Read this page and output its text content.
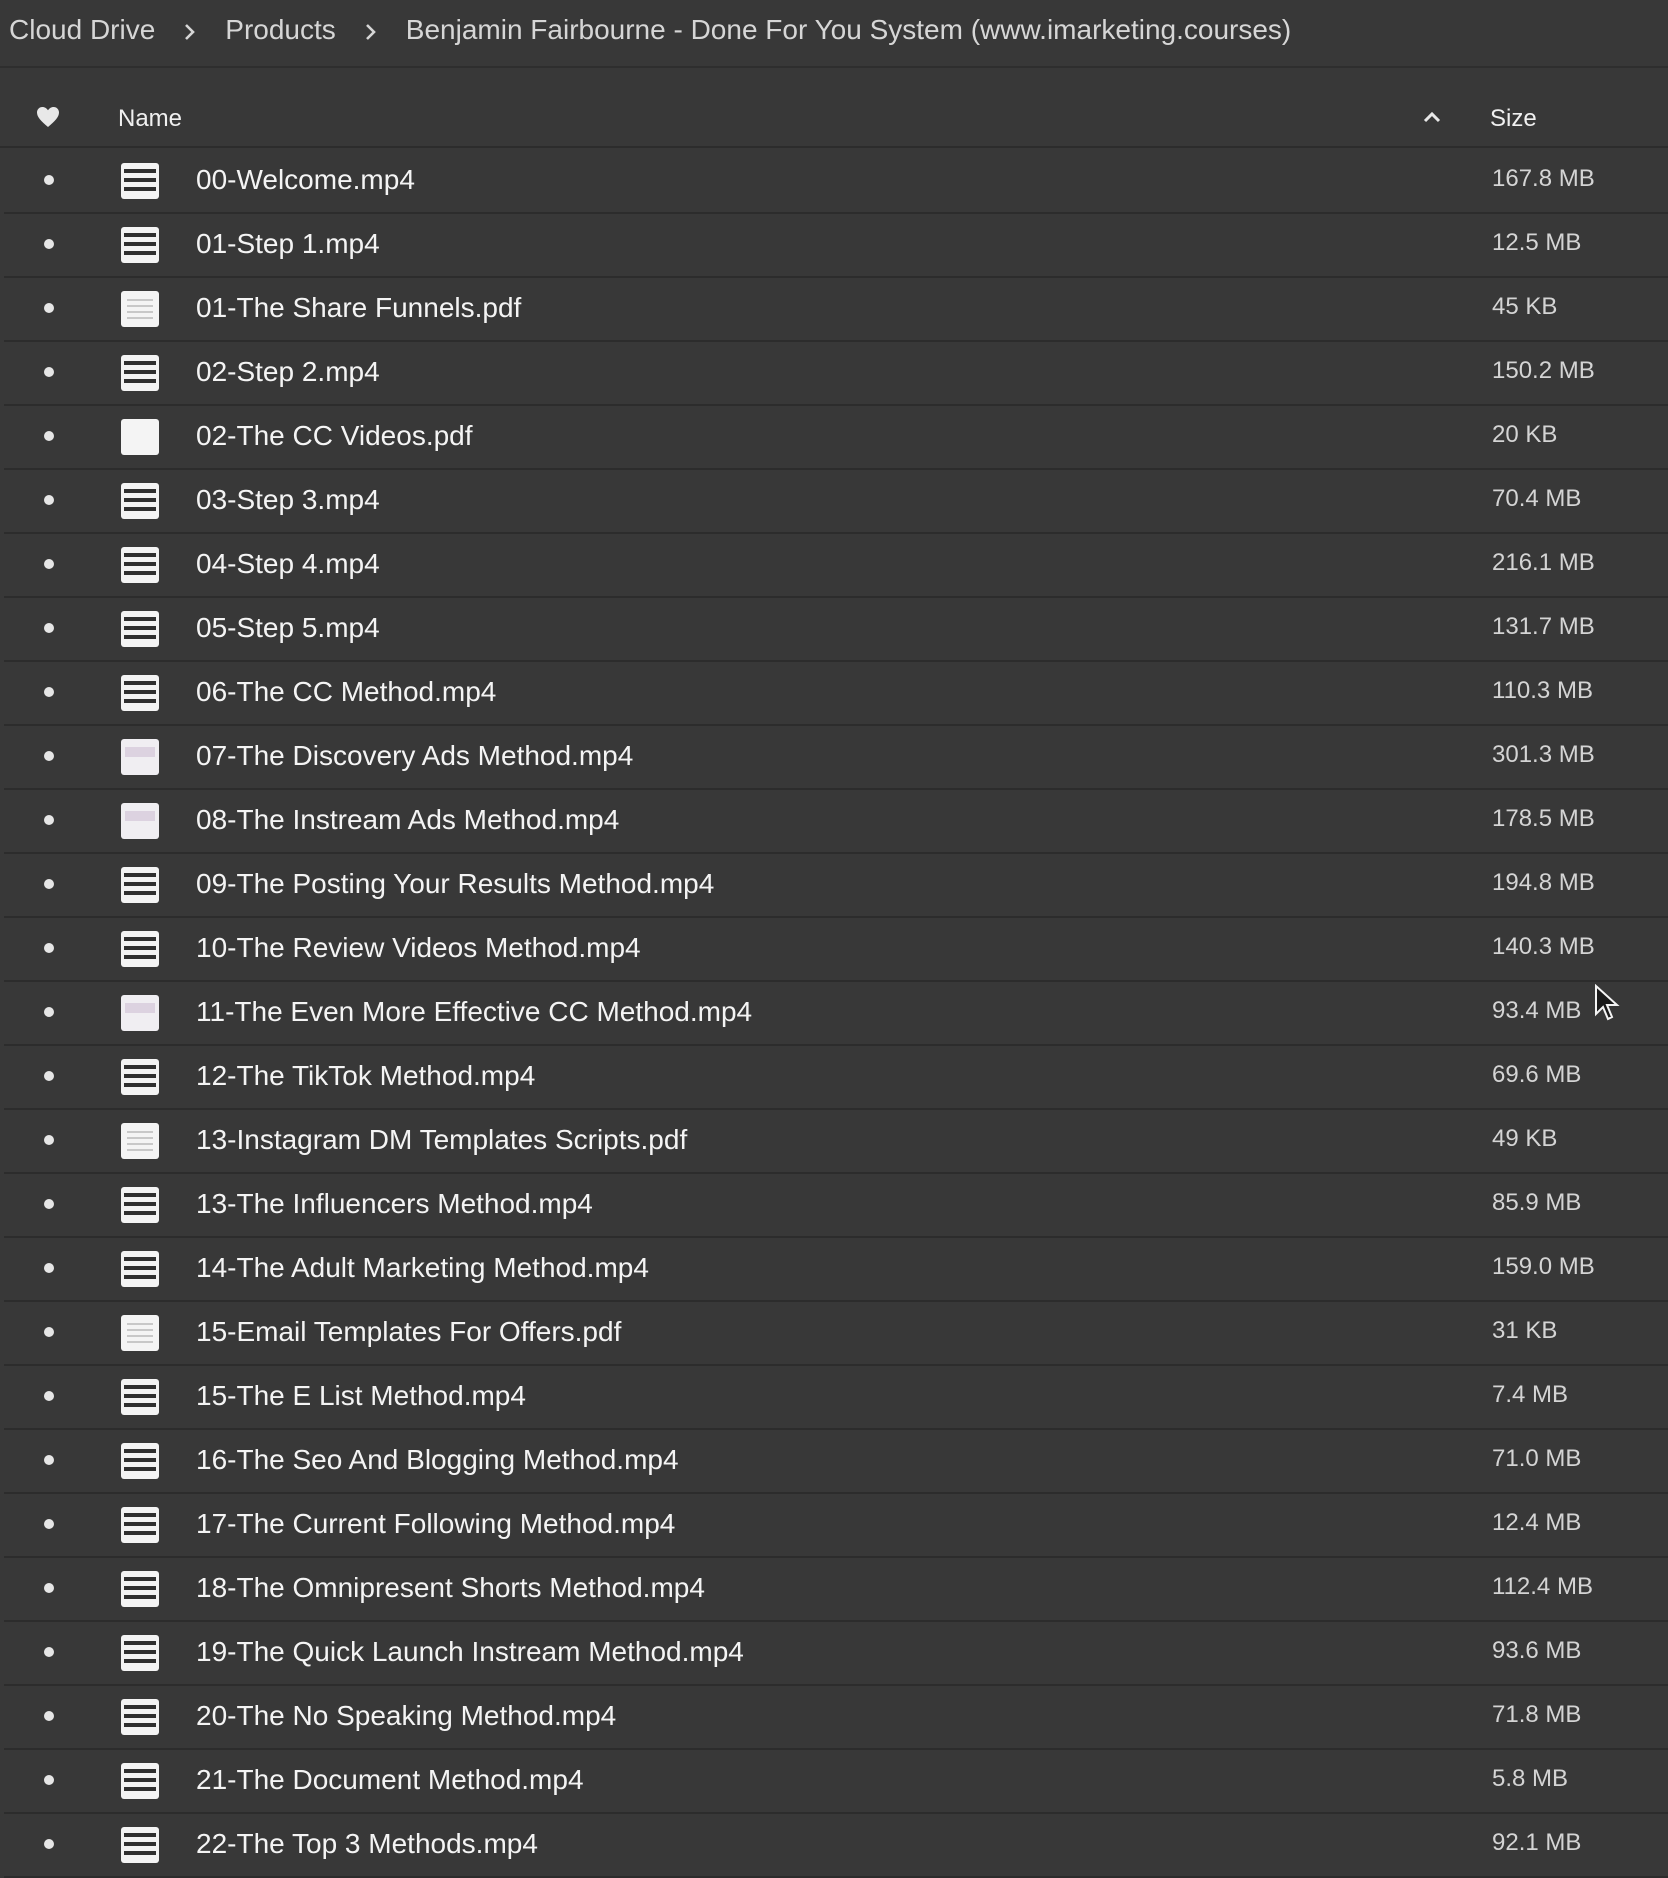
Cloud Drive	Products	Benjamin Fairbourne - Done For You System (www.imarketing.courses)
Name	Size
00-Welcome.mp4	167.8 MB
01-Step 1.mp4	12.5 MB
01-The Share Funnels.pdf	45 KB
02-Step 2.mp4	150.2 MB
02-The CC Videos.pdf	20 KB
03-Step 3.mp4	70.4 MB
04-Step 4.mp4	216.1 MB
05-Step 5.mp4	131.7 MB
06-The CC Method.mp4	110.3 MB
07-The Discovery Ads Method.mp4	301.3 MB
08-The Instream Ads Method.mp4	178.5 MB
09-The Posting Your Results Method.mp4	194.8 MB
10-The Review Videos Method.mp4	140.3 MB
11-The Even More Effective CC Method.mp4	93.4 MB
12-The TikTok Method.mp4	69.6 MB
13-Instagram DM Templates Scripts.pdf	49 KB
13-The Influencers Method.mp4	85.9 MB
14-The Adult Marketing Method.mp4	159.0 MB
15-Email Templates For Offers.pdf	31 KB
15-The E List Method.mp4	7.4 MB
16-The Seo And Blogging Method.mp4	71.0 MB
17-The Current Following Method.mp4	12.4 MB
18-The Omnipresent Shorts Method.mp4	112.4 MB
19-The Quick Launch Instream Method.mp4	93.6 MB
20-The No Speaking Method.mp4	71.8 MB
21-The Document Method.mp4	5.8 MB
22-The Top 3 Methods.mp4	92.1 MB
